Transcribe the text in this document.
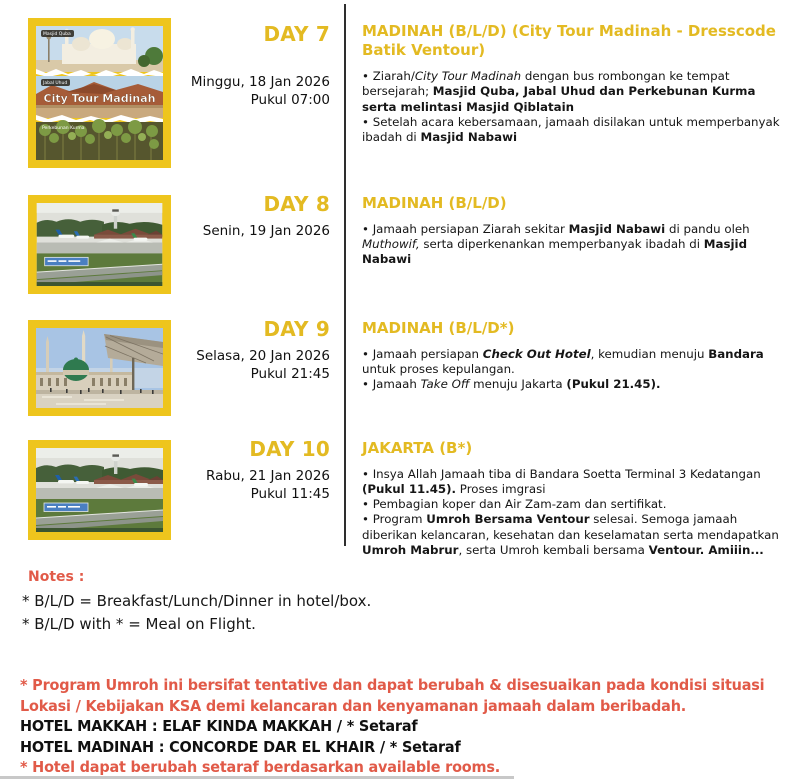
Masjid Quba
Jabal Uhud
City Tour Madinah
Perkebunan Kurma
DAY 7
Minggu, 18 Jan 2026
Pukul 07:00
MADINAH (B/L/D) (City Tour Madinah - Dresscode Batik Ventour)
• Ziarah/City Tour Madinah dengan bus rombongan ke tempat bersejarah; Masjid Quba, Jabal Uhud dan Perkebunan Kurma serta melintasi Masjid Qiblatain
• Setelah acara kebersamaan, jamaah disilakan untuk memperbanyak ibadah di Masjid Nabawi
DAY 8
Senin, 19 Jan 2026
MADINAH (B/L/D)
• Jamaah persiapan Ziarah sekitar Masjid Nabawi di pandu oleh Muthowif, serta diperkenankan memperbanyak ibadah di Masjid Nabawi
DAY 9
Selasa, 20 Jan 2026
Pukul 21:45
MADINAH (B/L/D*)
• Jamaah persiapan Check Out Hotel, kemudian menuju Bandara untuk proses kepulangan.
• Jamaah Take Off menuju Jakarta (Pukul 21.45).
DAY 10
Rabu, 21 Jan 2026
Pukul 11:45
JAKARTA (B*)
• Insya Allah Jamaah tiba di Bandara Soetta Terminal 3 Kedatangan (Pukul 11.45). Proses imgrasi
• Pembagian koper dan Air Zam-zam dan sertifikat.
• Program Umroh Bersama Ventour selesai. Semoga jamaah diberikan kelancaran, kesehatan dan keselamatan serta mendapatkan Umroh Mabrur, serta Umroh kembali bersama Ventour. Amiiin...
Notes :
* B/L/D = Breakfast/Lunch/Dinner in hotel/box.
* B/L/D with * = Meal on Flight.
* Program Umroh ini bersifat tentative dan dapat berubah & disesuaikan pada kondisi situasi Lokasi / Kebijakan KSA demi kelancaran dan kenyamanan jamaah dalam beribadah.
HOTEL MAKKAH : ELAF KINDA MAKKAH / * Setaraf
HOTEL MADINAH : CONCORDE DAR EL KHAIR / * Setaraf
* Hotel dapat berubah setaraf berdasarkan available rooms.
